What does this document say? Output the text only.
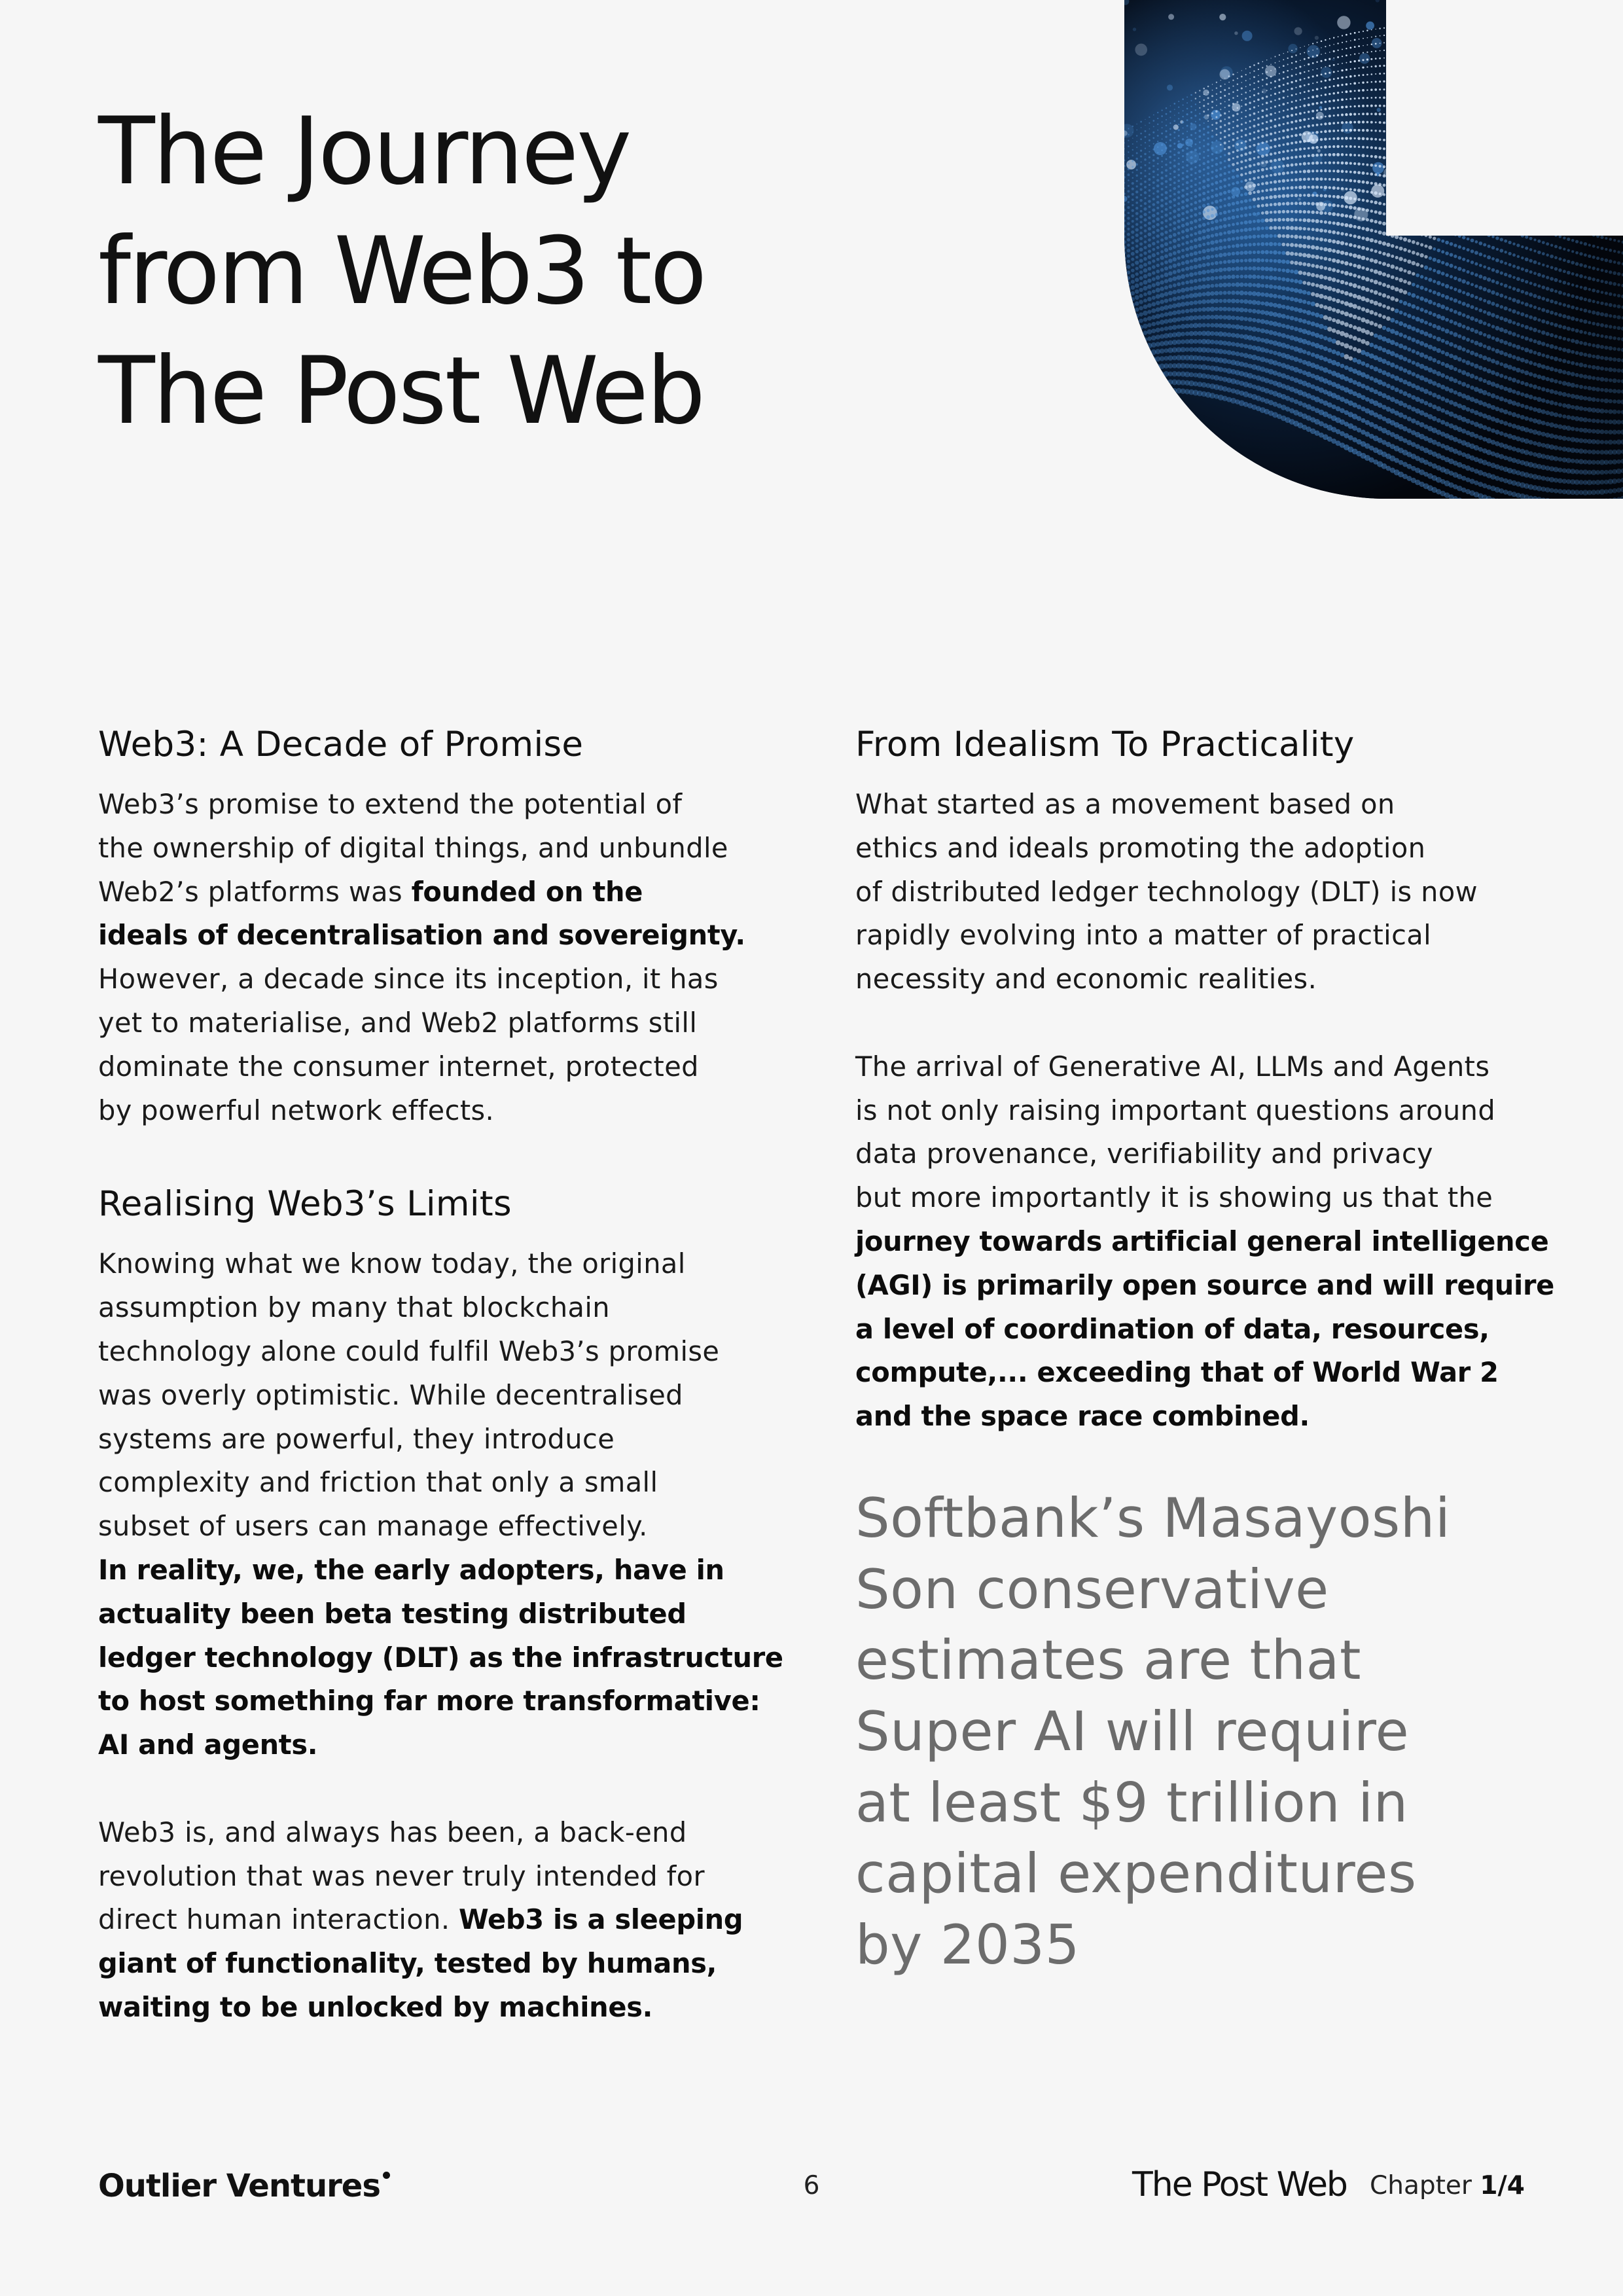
The Journey
from Web3 to
The Post Web
Web3: A Decade of Promise
Web3’s promise to extend the potential of
the ownership of digital things, and unbundle
Web2’s platforms was founded on the
ideals of decentralisation and sovereignty.
However, a decade since its inception, it has
yet to materialise, and Web2 platforms still
dominate the consumer internet, protected
by powerful network effects.
Realising Web3’s Limits
Knowing what we know today, the original
assumption by many that blockchain
technology alone could fulfil Web3’s promise
was overly optimistic. While decentralised
systems are powerful, they introduce
complexity and friction that only a small
subset of users can manage effectively.
In reality, we, the early adopters, have in
actuality been beta testing distributed
ledger technology (DLT) as the infrastructure
to host something far more transformative:
AI and agents.
Web3 is, and always has been, a back-end
revolution that was never truly intended for
direct human interaction. Web3 is a sleeping
giant of functionality, tested by humans,
waiting to be unlocked by machines.
From Idealism To Practicality
What started as a movement based on
ethics and ideals promoting the adoption
of distributed ledger technology (DLT) is now
rapidly evolving into a matter of practical
necessity and economic realities.
The arrival of Generative AI, LLMs and Agents
is not only raising important questions around
data provenance, verifiability and privacy
but more importantly it is showing us that the
journey towards artificial general intelligence
(AGI) is primarily open source and will require
a level of coordination of data, resources,
compute,... exceeding that of World War 2
and the space race combined.
Softbank’s Masayoshi
Son conservative
estimates are that
Super AI will require
at least $9 trillion in
capital expenditures
by 2035
Outlier Ventures	6	The Post Web Chapter 1/4
